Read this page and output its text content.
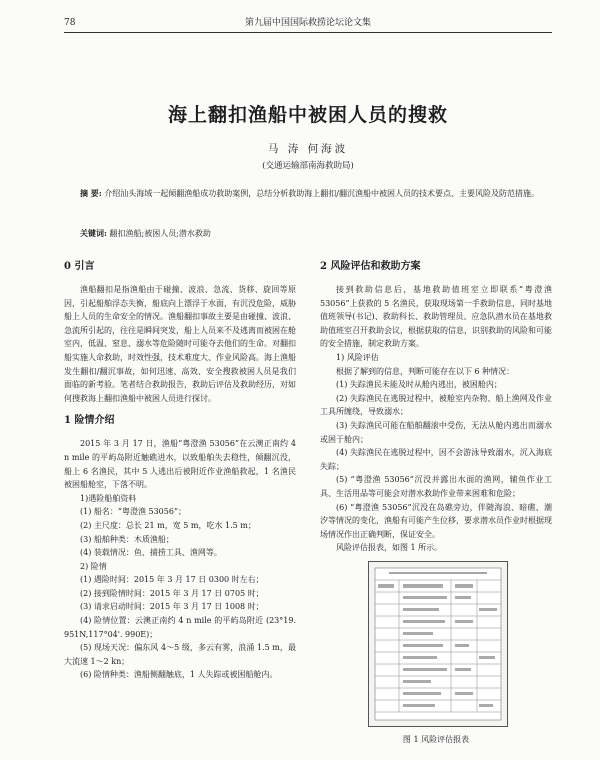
78	第九届中国国际救捞论坛论文集
海上翻扣渔船中被困人员的搜救
马 涛 何海波
(交通运输部南海救助局)
摘 要: 介绍汕头海域一起倾翻渔船成功救助案例，总结分析救助海上翻扣/翻沉渔船中被困人员的技术要点、主要风险及防范措施。
关键词: 翻扣渔船;被困人员;潜水救助
0 引言

渔船翻扣是指渔船由于碰撞、波浪、急流、货移、旋回等原因，引起船舶浮态失衡，船底向上漂浮于水面，有沉没危险，威胁船上人员的生命安全的情况。渔船翻扣事故主要是由碰撞、波浪、急流所引起的，往往是瞬间突发，船上人员来不及逃离而被困在舱室内，低温、窒息、溺水等危险随时可能夺去他们的生命。对翻扣船实施人命救助，时效性强，技术难度大、作业风险高。海上渔船发生翻扣/翻沉事故，如何迅速、高效、安全搜救被困人员是我们面临的新考验。笔者结合救助报告，救助后评估及救助经历，对如何搜救海上翻扣渔船中被困人员进行探讨。

1 险情介绍

2015 年 3 月 17 日，渔船“粤澄渔 53056”在云澳正南约 4 n mile 的平屿岛附近触礁进水，以致船舶失去稳性，倾翻沉没，船上 6 名渔民，其中 5 人逃出后被附近作业渔船救起，1 名渔民被困船舱室，下落不明。

1)遇险船舶资料

(1) 船名：“粤澄渔 53056”；

(2) 主尺度：总长 21 m，宽 5 m，吃水 1.5 m；

(3) 船舶种类：木质渔船；

(4) 装载情况：鱼、捕捞工具、渔网等。

2) 险情

(1) 遇险时间：2015 年 3 月 17 日 0300 时左右；

(2) 接到险情时间：2015 年 3 月 17 日 0705 时；

(3) 请求启动时间：2015 年 3 月 17 日 1008 时；

(4) 险情位置：云澳正南约 4 n mile 的平屿岛附近 (23°19. 951N,117°04'. 990E)；

(5) 现场天况：偏东风 4～5 级，多云有雾，浪涌 1.5 m，最大流速 1～2 kn；

(6) 险情种类：渔船侧翻触底，1 人失踪或被困船舱内。

2 风险评估和救助方案

接到救助信息后，基地救助值班室立即联系“粤澄渔 53056”上获救的 5 名渔民，获取现场第一手救助信息，同时基地值班领导(书记)、救助科长、救助管理员、应急队潜水员在基地救助值班室召开救助会议，根据获取的信息，识别救助的风险和可能的安全措施，制定救助方案。

1) 风险评估

根据了解到的信息，判断可能存在以下 6 种情况：

(1) 失踪渔民未能及时从舱内逃出，被困舱内；

(2) 失踪渔民在逃脱过程中，被舱室内杂物、船上渔网及作业工具所缠绕，导致溺水；

(3) 失踪渔民可能在船舶翻滚中受伤，无法从舱内逃出而溺水或困于舱内；

(4) 失踪渔民在逃脱过程中，因不会游泳导致溺水，沉入海底失踪；

(5) “粤澄渔 53056”沉没并露出水面的渔网，辅鱼作业工具、生活用品等可能会对潜水救助作业带来困难和危险；

(6) “粤澄渔 53056”沉没在岛礁旁边，伴随海浪、暗礁、潮汐等情况的变化，渔船有可能产生位移，要求潜水员作业时根据现场情况作出正确判断，保证安全。

风险评估报表，如图 1 所示。

图 1 风险评估报表
